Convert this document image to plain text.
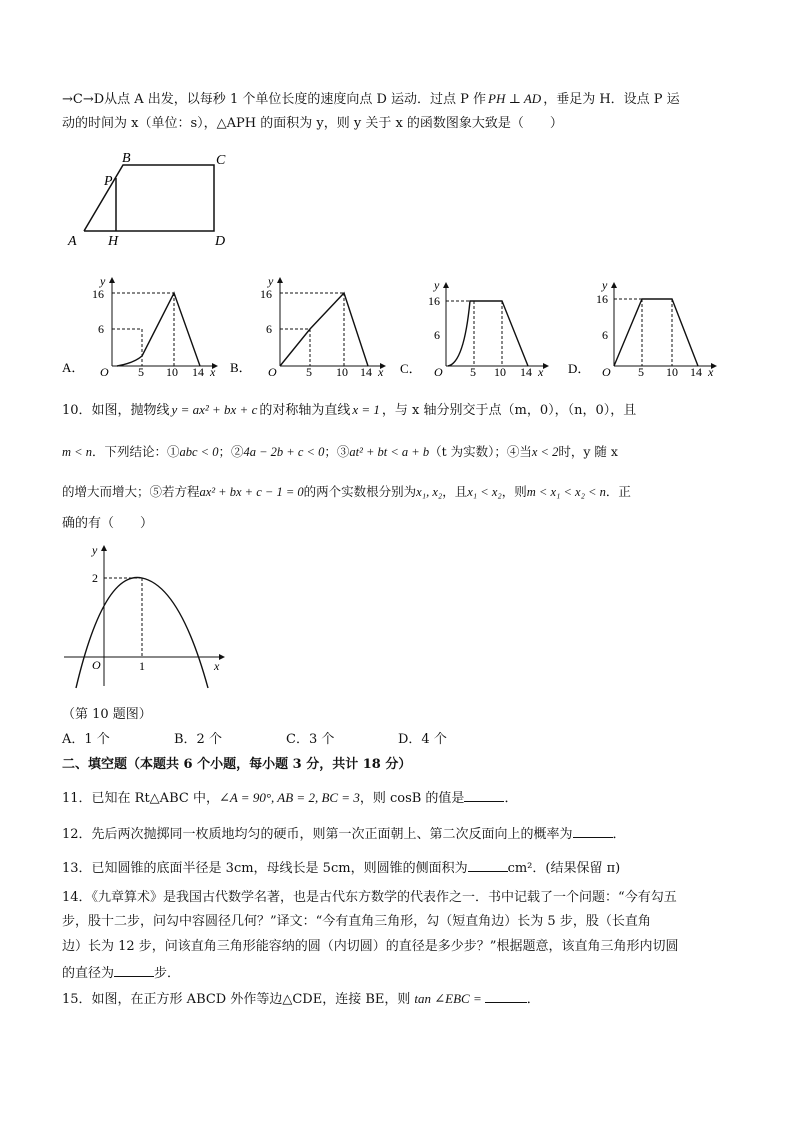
→C→D从点 A 出发，以每秒 1 个单位长度的速度向点 D 运动．过点 P 作 PH ⊥ AD ，垂足为 H．设点 P 运
动的时间为 x（单位：s），△APH 的面积为 y，则 y 关于 x 的函数图象大致是（　　）
B	C
P
A H	D
y
16
6
O 5 10 14 x
A．
y
16
6
O 5 10 14 x
B．
y
16
6
O 5 10 14 x
C．
y
16
6
O 5 10 14 x
D．
10．如图，抛物线 y = ax² + bx + c 的对称轴为直线 x = 1 ，与 x 轴分别交于点（m，0），（n，0），且
m < n．下列结论：①abc < 0；②4a − 2b + c < 0；③at² + bt < a + b（t 为实数）；④当x < 2时，y 随 x
的增大而增大；⑤若方程ax² + bx + c − 1 = 0的两个实数根分别为x₁, x₂，且x₁ < x₂，则m < x₁ < x₂ < n．正
确的有（　　）
y
2
O	1	x
（第 10 题图）
A．1 个	B．2 个	C．3 个	D．4 个
二、填空题（本题共 6 个小题，每小题 3 分，共计 18 分）
11．已知在 Rt△ABC 中，∠A = 90°, AB = 2, BC = 3，则 cosB 的值是	．
12．先后两次抛掷同一枚质地均匀的硬币，则第一次正面朝上、第二次反面向上的概率为	．
13．已知圆锥的底面半径是 3cm，母线长是 5cm，则圆锥的侧面积为	cm²．(结果保留 π)
14．《九章算术》是我国古代数学名著，也是古代东方数学的代表作之一．书中记载了一个问题：“今有勾五
步，股十二步，问勾中容圆径几何？”译文：“今有直角三角形，勾（短直角边）长为 5 步，股（长直角
边）长为 12 步，问该直角三角形能容纳的圆（内切圆）的直径是多少步？”根据题意，该直角三角形内切圆
的直径为	步．
15．如图，在正方形 ABCD 外作等边△CDE，连接 BE，则 tan ∠EBC =	．
